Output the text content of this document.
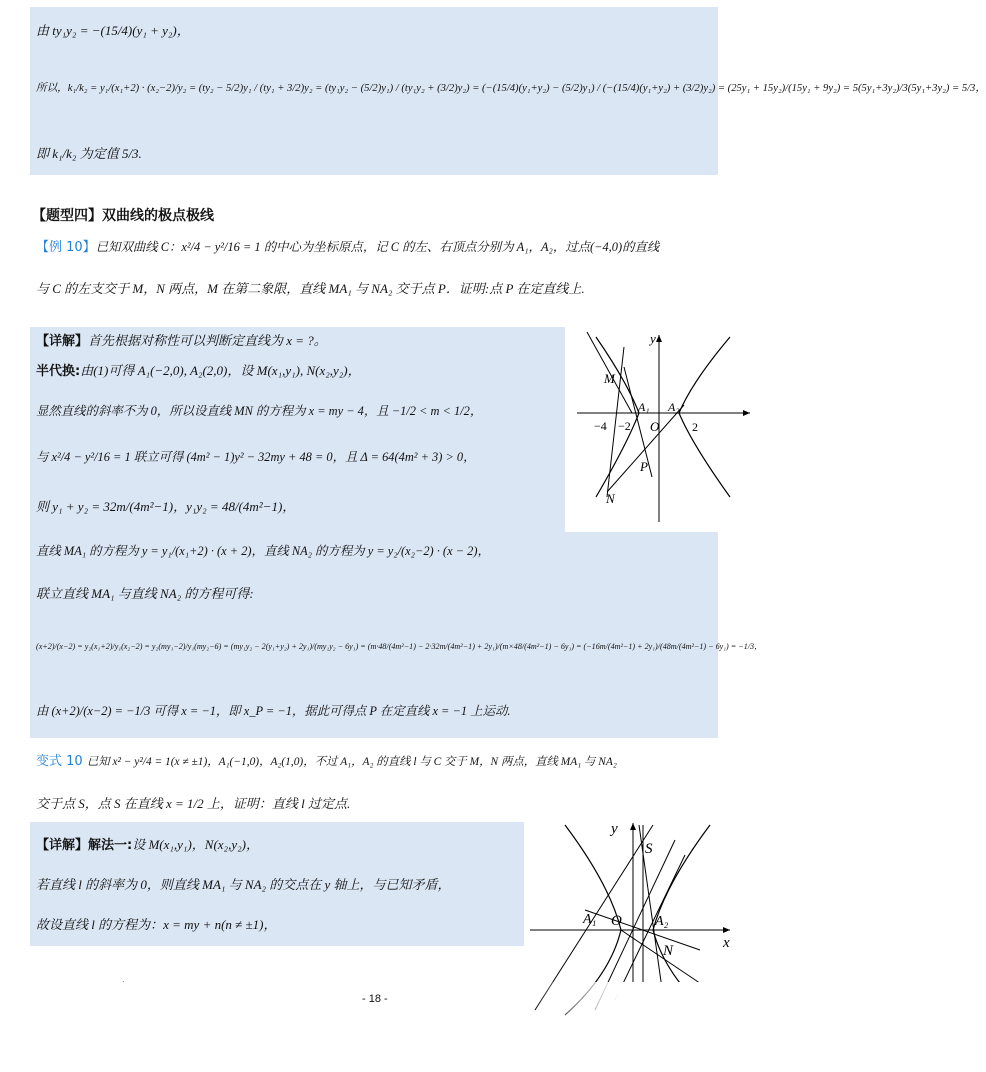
由 ty₁y₂ = −(15/4)(y₁ + y₂)，
所以，k₁/k₂ = y₁/(x₁+2) · (x₂−2)/y₂ = (ty₂ − 5/2)y₁ / (ty₁ + 3/2)y₂ = (ty₁y₂ − (5/2)y₁) / (ty₁y₂ + (3/2)y₂) = (−(15/4)(y₁+y₂) − (5/2)y₁) / (−(15/4)(y₁+y₂) + (3/2)y₂) = (25y₁ + 15y₂)/(15y₁ + 9y₂) = 5(5y₁+3y₂)/3(5y₁+3y₂) = 5/3，
即 k₁/k₂ 为定值 5/3.
【题型四】双曲线的极点极线
【例 10】已知双曲线 C：x²/4 − y²/16 = 1 的中心为坐标原点，记 C 的左、右顶点分别为 A₁，A₂，过点(−4,0)的直线
与 C 的左支交于 M，N 两点，M 在第二象限，直线 MA₁ 与 NA₂ 交于点 P．证明:点 P 在定直线上.
【详解】首先根据对称性可以判断定直线为 x = ?。
半代换:由(1)可得 A₁(−2,0), A₂(2,0)，设 M(x₁,y₁), N(x₂,y₂)，
显然直线的斜率不为 0，所以设直线 MN 的方程为 x = my − 4，且 −1/2 < m < 1/2，
与 x²/4 − y²/16 = 1 联立可得 (4m² − 1)y² − 32my + 48 = 0，且 Δ = 64(4m² + 3) > 0，
则 y₁ + y₂ = 32m/(4m²−1)，y₁y₂ = 48/(4m²−1)，
直线 MA₁ 的方程为 y = y₁/(x₁+2) · (x + 2)，直线 NA₂ 的方程为 y = y₂/(x₂−2) · (x − 2)，
联立直线 MA₁ 与直线 NA₂ 的方程可得:
(x+2)/(x−2) = y₂(x₁+2)/y₁(x₂−2) = y₂(my₁−2)/y₁(my₂−6) = (my₁y₂ − 2(y₁+y₂) + 2y₁)/(my₁y₂ − 6y₁) = (m·48/(4m²−1) − 2·32m/(4m²−1) + 2y₁)/(m×48/(4m²−1) − 6y₁) = (−16m/(4m²−1) + 2y₁)/(48m/(4m²−1) − 6y₁) = −1/3，
由 (x+2)/(x−2) = −1/3 可得 x = −1，即 x_P = −1，据此可得点 P 在定直线 x = −1 上运动.
y
M
A₁ A₂
−4 −2 O	2
P
N
变式 10 已知 x² − y²/4 = 1(x ≠ ±1)，A₁(−1,0)，A₂(1,0)，不过 A₁，A₂ 的直线 l 与 C 交于 M，N 两点，直线 MA₁ 与 NA₂
交于点 S，点 S 在直线 x = 1/2 上，证明：直线 l 过定点.
【详解】解法一:设 M(x₁,y₁)，N(x₂,y₂)，
若直线 l 的斜率为 0，则直线 MA₁ 与 NA₂ 的交点在 y 轴上，与已知矛盾，
故设直线 l 的方程为：x = my + n(n ≠ ±1)，
y
S
A₁ O A₂
N	x
.
- 18 -
